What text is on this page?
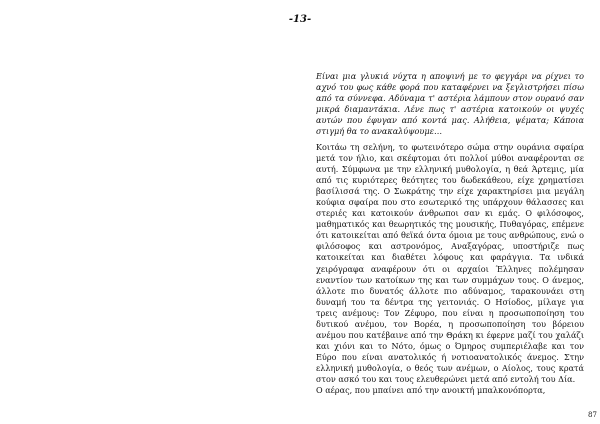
-13-

Είναι μια γλυκιά νύχτα η αποψινή με το φεγγάρι να ρίχνει το αχνό του φως κάθε φορά που καταφέρνει να ξεγλιστρήσει πίσω από τα σύννεφα. Αδύναμα τ' αστέρια λάμπουν στον ουρανό σαν μικρά διαμαντάκια. Λένε πως τ' αστέρια κατοικούν οι ψυχές αυτών που έφυγαν από κοντά μας. Αλήθεια, ψέματα; Κάποια στιγμή θα το ανακαλύψουμε…

Κοιτάω τη σελήνη, το φωτεινότερο σώμα στην ουράνια σφαίρα μετά τον ήλιο, και σκέφτομαι ότι πολλοί μύθοι αναφέρονται σε αυτή. Σύμφωνα με την ελληνική μυθολογία, η θεά Άρτεμις, μία από τις κυριότερες θεότητες του δωδεκάθεου, είχε χρηματίσει βασίλισσά της. Ο Σωκράτης την είχε χαρακτηρίσει μια μεγάλη κούφια σφαίρα που στο εσωτερικό της υπάρχουν θάλασσες και στεριές και κατοικούν άνθρωποι σαν κι εμάς. Ο φιλόσοφος, μαθηματικός και θεωρητικός της μουσικής, Πυθαγόρας, επέμενε ότι κατοικείται από θεϊκά όντα όμοια με τους ανθρώπους, ενώ ο φιλόσοφος και αστρονόμος, Αναξαγόρας, υποστήριζε πως κατοικείται και διαθέτει λόφους και φαράγγια. Τα ινδικά χειρόγραφα αναφέρουν ότι οι αρχαίοι Έλληνες πολέμησαν εναντίον των κατοίκων της και των συμμάχων τους. Ο άνεμος, άλλοτε πιο δυνατός άλλοτε πιο αδύναμος, ταρακουνάει στη δυναμή του τα δέντρα της γειτονιάς. Ο Ησίοδος, μίλαγε για τρεις ανέμους: Τον Ζέφυρο, που είναι η προσωποποίηση του δυτικού ανέμου, τον Βορέα, η προσωποποίηση του βόρειου ανέμου που κατέβαινε από την Θράκη κι έφερνε μαζί του χαλάζι και χιόνι και το Νότο, όμως ο Όμηρος συμπεριέλαβε και τον Εύρο που είναι ανατολικός ή νοτιοανατολικός άνεμος. Στην ελληνική μυθολογία, ο θεός των ανέμων, ο Αίολος, τους κρατά στον ασκό του και τους ελευθερώνει μετά από εντολή του Δία.

Ο αέρας, που μπαίνει από την ανοικτή μπαλκονόπορτα,

87
